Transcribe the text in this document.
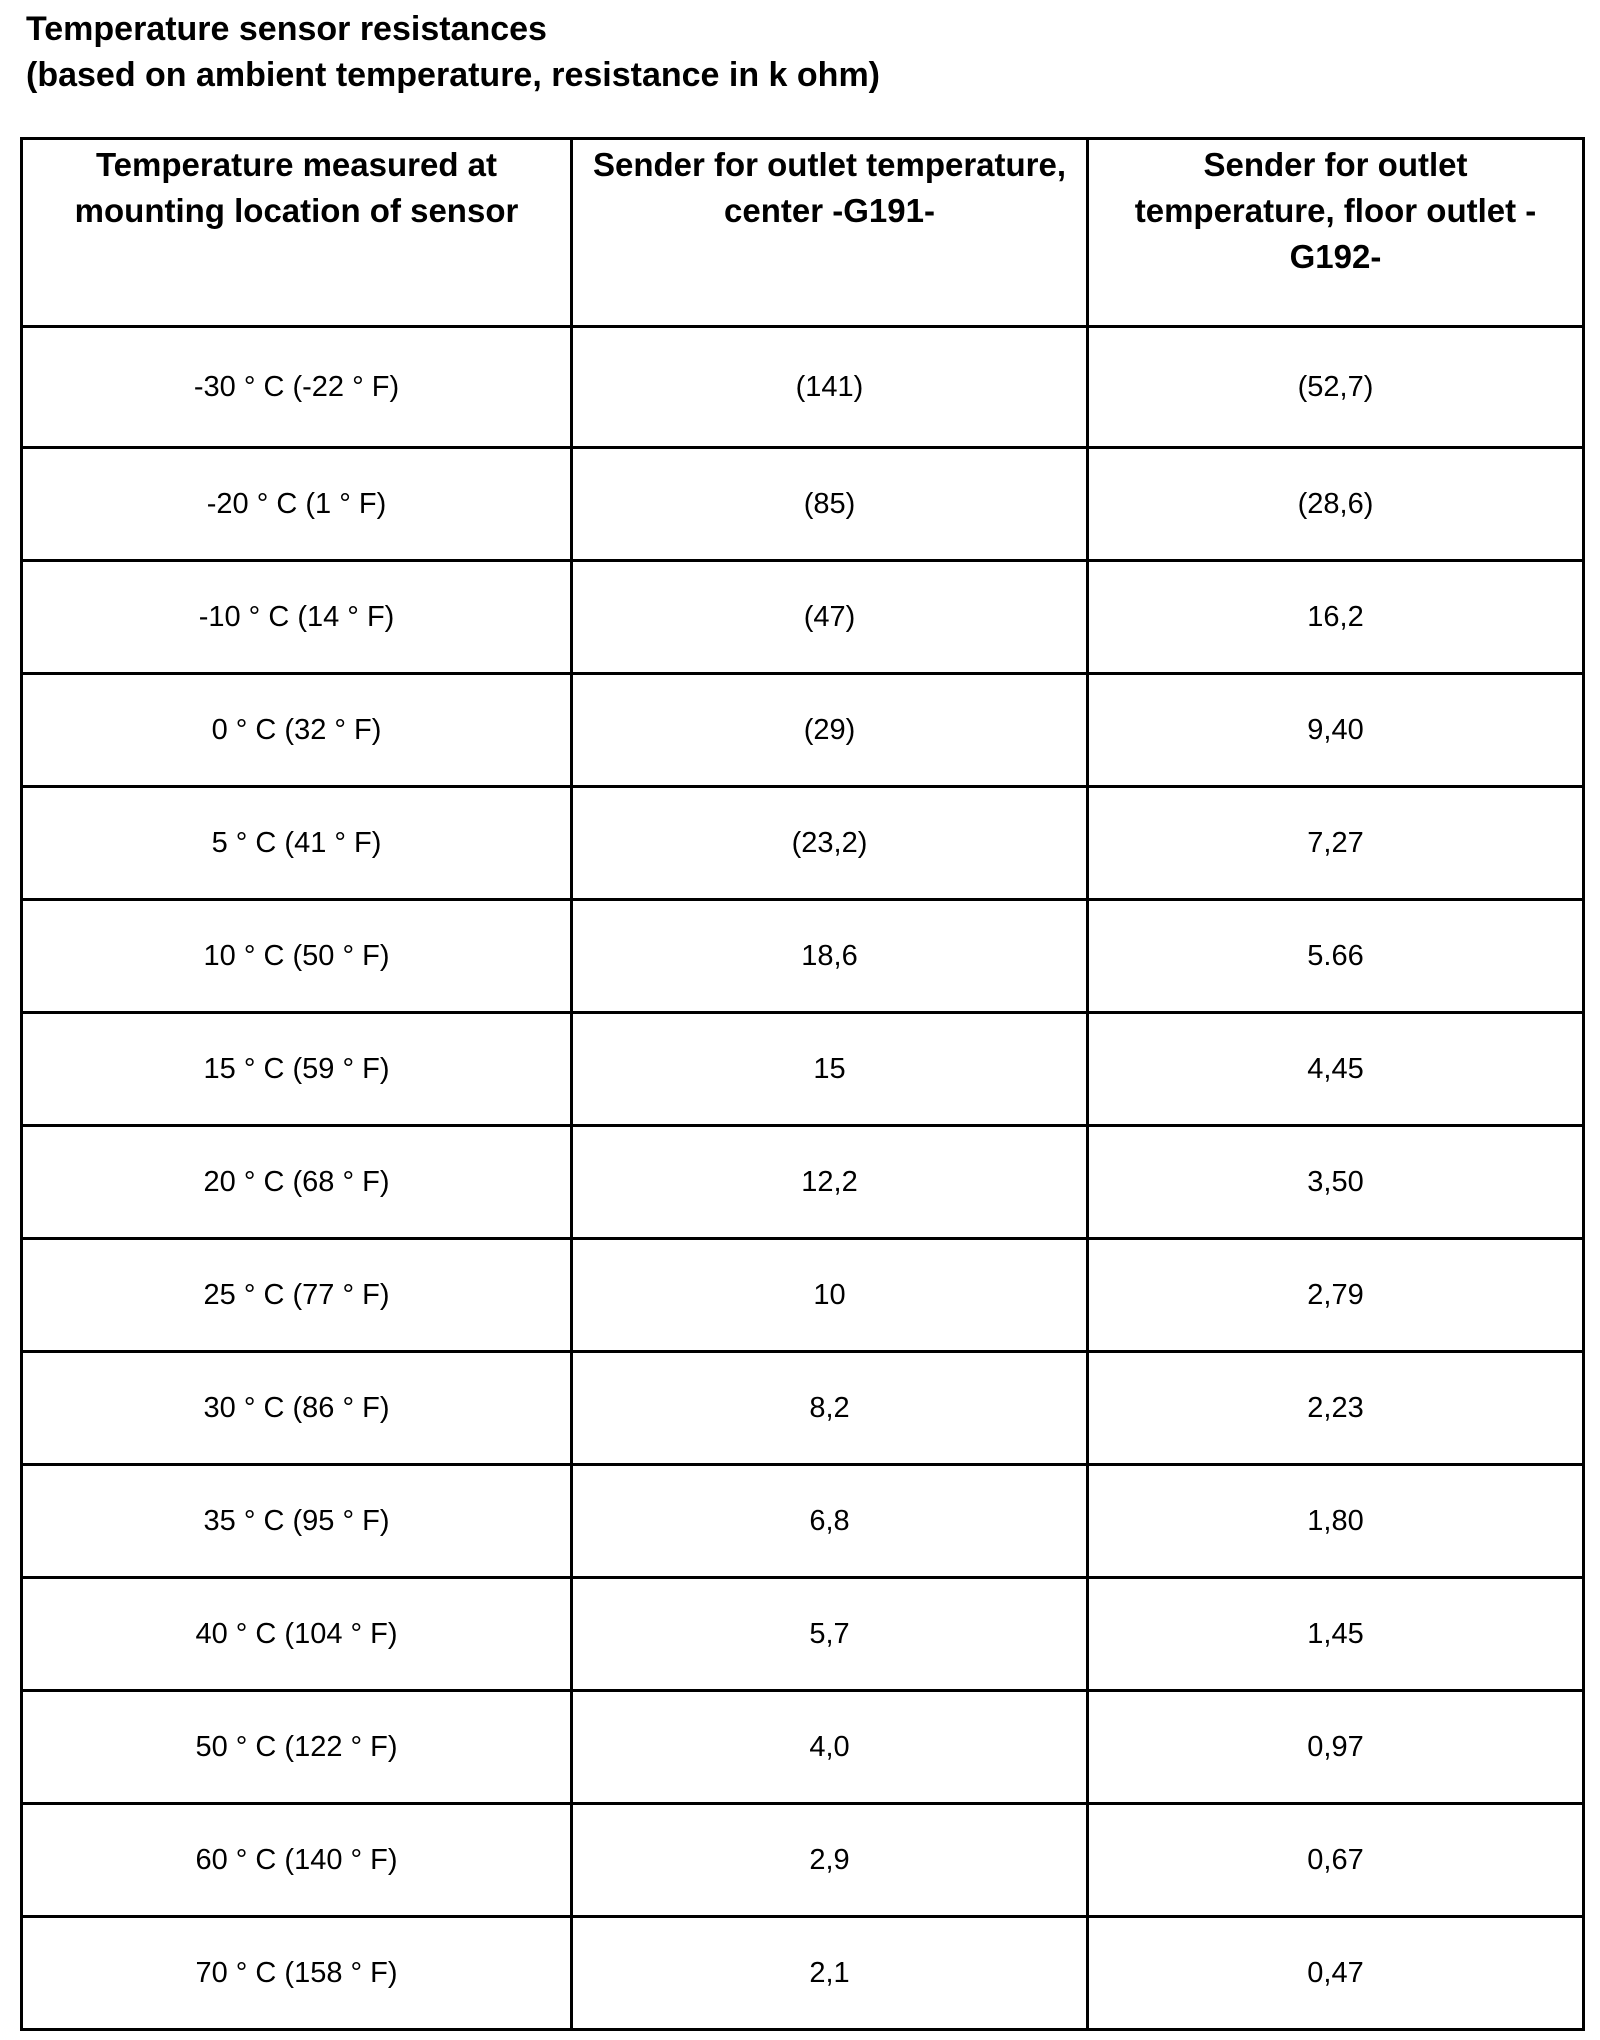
Temperature sensor resistances
(based on ambient temperature, resistance in k ohm)
Temperature measured at mounting location of sensor	Sender for outlet temperature, center -G191-	Sender for outlet temperature, floor outlet - G192-
-30 ° C (-22 ° F)	(141)	(52,7)
-20 ° C (1 ° F)	(85)	(28,6)
-10 ° C (14 ° F)	(47)	16,2
0 ° C (32 ° F)	(29)	9,40
5 ° C (41 ° F)	(23,2)	7,27
10 ° C (50 ° F)	18,6	5.66
15 ° C (59 ° F)	15	4,45
20 ° C (68 ° F)	12,2	3,50
25 ° C (77 ° F)	10	2,79
30 ° C (86 ° F)	8,2	2,23
35 ° C (95 ° F)	6,8	1,80
40 ° C (104 ° F)	5,7	1,45
50 ° C (122 ° F)	4,0	0,97
60 ° C (140 ° F)	2,9	0,67
70 ° C (158 ° F)	2,1	0,47
